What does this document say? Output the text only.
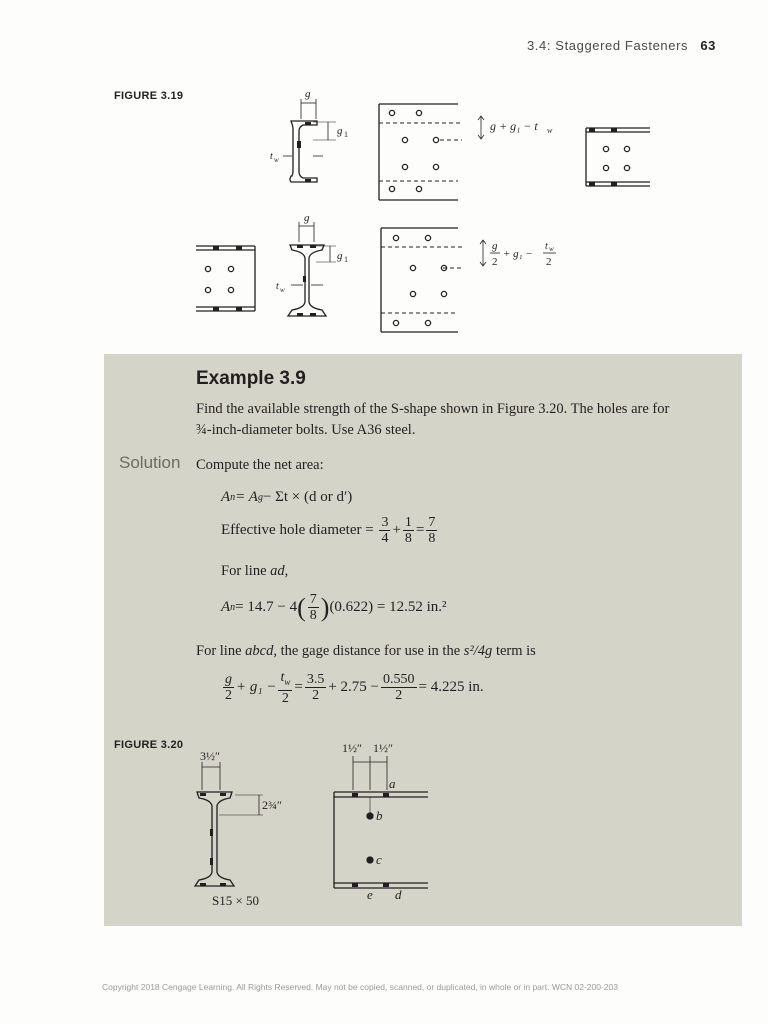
3.4: Staggered Fasteners 63
FIGURE 3.19	g
g 1
t w
g + g₁ − t w
g
g 1
t w
g
2
+ g₁ −
t w
2
Example 3.9
Find the available strength of the S-shape shown in Figure 3.20. The holes are for
¾-inch-diameter bolts. Use A36 steel.
Solution Compute the net area:
A n = A g − Σt × (d or d′)
Effective hole diameter =
$\frac{3}{4} + \frac{1}{8} = \frac{7}{8}$
For line ad,
A n = 14.7 − 4 ( $\frac{7}{8}$ ) (0.622) = 12.52 in.²
For line abcd, the gage distance for use in the s²/4g term is
$\frac{g}{2} + g_1 - \frac{t_w}{2} = \frac{3.5}{2} + 2.75 - \frac{0.550}{2} = 4.225$ in.
FIGURE 3.20
3½″
2¾″
1½″ 1½″
S15 × 50
a
b
c
d
e
Copyright 2018 Cengage Learning. All Rights Reserved. May not be copied, scanned, or duplicated, in whole or in part. WCN 02-200-203
